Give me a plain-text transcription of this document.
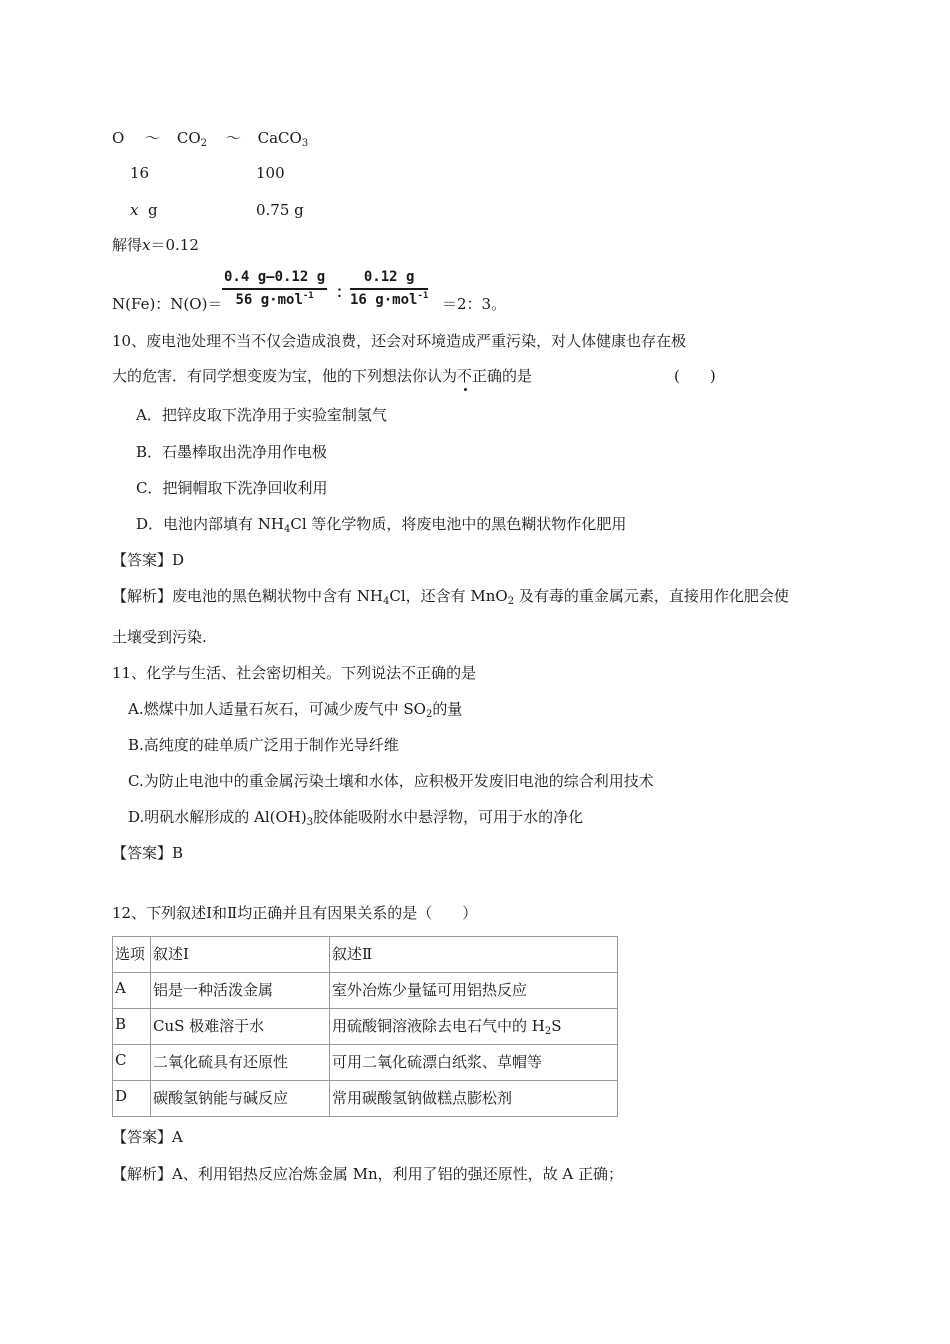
O ～ $CO_2$ ～ CaCO$_3$
16	100
x g	0.75 g
解得x＝0.12
N(Fe)：N(O)＝
0.4 g—0.12 g
56 g·mol$^{-1}$	：
0.12 g
16 g·mol$^{-1}$ ＝2：3。
10、废电池处理不当不仅会造成浪费，还会对环境造成严重污染，对人体健康也存在极
大的危害．有同学想变废为宝，他的下列想法你认为不正确的是	(　　)
A．把锌皮取下洗净用于实验室制氢气
B．石墨棒取出洗净用作电极
C．把铜帽取下洗净回收利用
D．电池内部填有 $NH_4Cl$ 等化学物质，将废电池中的黑色糊状物作化肥用
【答案】D
【解析】废电池的黑色糊状物中含有 $NH_4Cl$，还含有 MnO$_2$ 及有毒的重金属元素，直接用作化肥会使
土壤受到污染.
11、化学与生活、社会密切相关。下列说法不正确的是
A.燃煤中加人适量石灰石，可减少废气中 $SO_2$的量
B.高纯度的硅单质广泛用于制作光导纤维
C.为防止电池中的重金属污染土壤和水体，应积极开发废旧电池的综合利用技术
D.明矾水解形成的 $Al(OH)_3$胶体能吸附水中悬浮物，可用于水的净化
【答案】B
12、下列叙述Ⅰ和Ⅱ均正确并且有因果关系的是（　　）
选项	叙述Ⅰ	叙述Ⅱ
A	铝是一种活泼金属	室外冶炼少量锰可用铝热反应
B	CuS 极难溶于水	用硫酸铜溶液除去电石气中的 $H_2S$
C	二氧化硫具有还原性	可用二氧化硫漂白纸浆、草帽等
D	碳酸氢钠能与碱反应	常用碳酸氢钠做糕点膨松剂
【答案】A
【解析】A、利用铝热反应冶炼金属 Mn，利用了铝的强还原性，故 A 正确；
